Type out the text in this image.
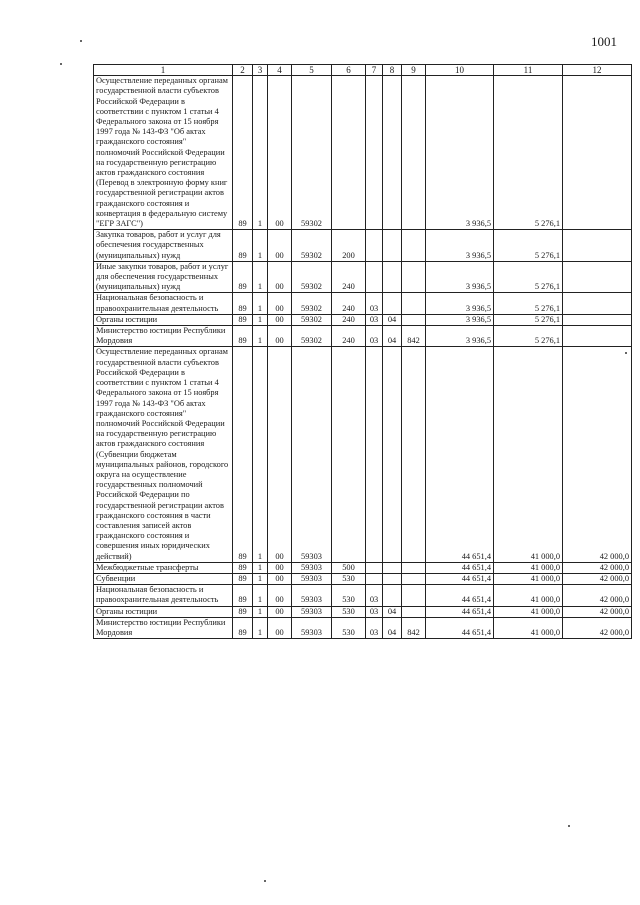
1001
1	2	3	4	5	6	7	8	9	10	11	12

Осуществление переданных органам государственной власти субъектов Российской Федерации в соответствии с пунктом 1 статьи 4 Федерального закона от 15 ноября 1997 года № 143-ФЗ "Об актах гражданского состояния" полномочий Российской Федерации на государственную регистрацию актов гражданского состояния (Перевод в электронную форму книг государственной регистрации актов гражданского состояния и конвертация в федеральную систему "ЕГР ЗАГС")	89	1	00	59302					3 936,5	5 276,1	

Закупка товаров, работ и услуг для обеспечения государственных (муниципальных) нужд	89	1	00	59302	200				3 936,5	5 276,1	

Иные закупки товаров, работ и услуг для обеспечения государственных (муниципальных) нужд	89	1	00	59302	240				3 936,5	5 276,1	

Национальная безопасность и правоохранительная деятельность	89	1	00	59302	240	03			3 936,5	5 276,1	

Органы юстиции	89	1	00	59302	240	03	04		3 936,5	5 276,1	

Министерство юстиции Республики Мордовия	89	1	00	59302	240	03	04	842	3 936,5	5 276,1	

Осуществление переданных органам государственной власти субъектов Российской Федерации в соответствии с пунктом 1 статьи 4 Федерального закона от 15 ноября 1997 года № 143-ФЗ "Об актах гражданского состояния" полномочий Российской Федерации на государственную регистрацию актов гражданского состояния (Субвенции бюджетам муниципальных районов, городского округа на осуществление государственных полномочий Российской Федерации по государственной регистрации актов гражданского состояния в части составления записей актов гражданского состояния и совершения иных юридических действий)	89	1	00	59303					44 651,4	41 000,0	42 000,0

Межбюджетные трансферты	89	1	00	59303	500				44 651,4	41 000,0	42 000,0

Субвенции	89	1	00	59303	530				44 651,4	41 000,0	42 000,0

Национальная безопасность и правоохранительная деятельность	89	1	00	59303	530	03			44 651,4	41 000,0	42 000,0

Органы юстиции	89	1	00	59303	530	03	04		44 651,4	41 000,0	42 000,0

Министерство юстиции Республики Мордовия	89	1	00	59303	530	03	04	842	44 651,4	41 000,0	42 000,0
